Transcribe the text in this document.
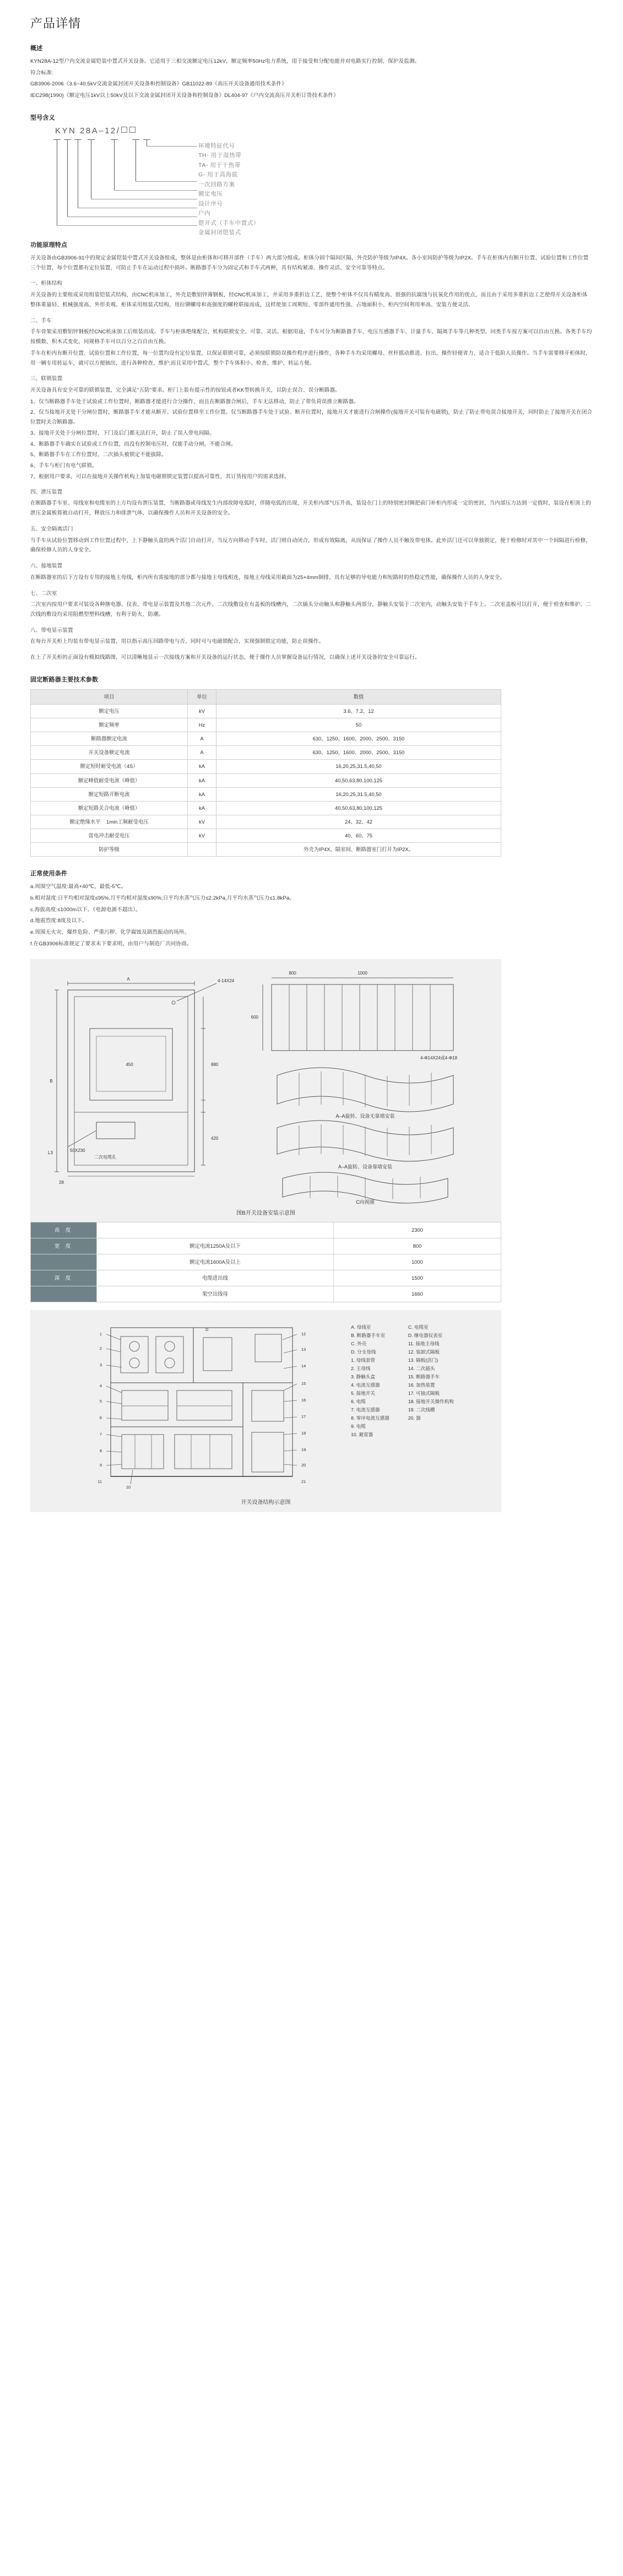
产品详情
概述

KYN28A-12型户内交流金属铠装中置式开关设备。它适用于三相交流额定电压12kV，额定频率50Hz电力系统，用于接受和分配电能并对电路实行控制、保护及监测。

符合标准:

GB3906-2006《3.6~40.5kV交流金属封闭开关设备和控制设备》GB11022-89《高压开关设备通用技术条件》

IEC298(1990)《额定电压1kV以上50kV及以下交流金属封闭开关设备和控制设备》DL404-97《户内交流高压开关柜订货技术条件》

型号含义
KYN 28A–12/
环境特征代号
TH- 用于湿热带
TA- 用于干热带
G- 用于高海拔
一次回路方案
额定电压
设计序号
户内
铠开式（手车中置式）
金属封闭铠装式
功能原理特点

开关设备由GB3906-91中的规定金属铠装中置式开关设备组成，整体是由柜体和可移开部件（手车）两大部分组成。柜体分固个隔间区隔，外壳防护等级为IP4X。各小室间防护等级为IP2X。手车在柜体内有断开位置、试验位置和工作位置三个位置，每个位置都有定位装置，可防止手车在运动过程中损坏。断路器手车分为固定式和手车式两种，具有结构紧凑、操作灵活、安全可靠等特点。

一、柜体结构

开关设备的主要组成采用组装铠装式结构，由CNC机床加工，外壳是敷铝锌薄钢板，经CNC机床加工，并采用多重折边工艺，使整个柜体不仅具有精度高、很强的抗腐蚀与抗氧化作用的优点，而且由于采用多重折边工艺使得开关设备柜体整体重量轻、机械强度高、外形美观。柜体采用组装式结构，用拉铆螺母和高强度的螺栓联接而成，这样使加工周期短、零部件通用性强、占地面积小、柜内空间利用率高、安装方便灵活。

二、手车

手车骨架采用敷铝锌钢板经CNC机床加工后组装而成。手车与柜体绝缘配合，机构联锁安全、可靠、灵活。根据用途，手车可分为断路器手车、电压互感器手车、计量手车、隔离手车等几种类型。同类手车按方案可以自由互换。各类手车均按模数、积木式变化，同规格手车可以百分之百自由互换。

手车在柜内有断开位置、试验位置和工作位置，每一位置均设有定位装置，以保证联锁可靠，必须按联锁防误操作程序进行操作，各种手车均采用螺母、丝杆摇动推进、拉出，操作轻便省力、适合于低阶人员操作。当手车需要移开柜体时，用一辆专用转运车，就可以方便抽出，进行各种检查、维护;而且采用中置式，整个手车体积小、检查、维护、转运方便。

三、联锁装置

开关设备具有安全可靠的联锁装置，完全满足"五防"要求。柜门上装有提示性的按钮或者KK型转换开关，以防止误合、误分断路器。

1、仅当断路器手车处于试验或工作位置时，断路器才能进行合分操作，而且在断路器合闸后，手车无法移动，防止了带负荷误推立断路器。

2、仅当接地开关处于分闸位置时，断路器手车才能从断开、试验位置移至工作位置。仅当断路器手车处于试验、断开位置时，接地开关才能进行合闸操作(接地开关可装有电磁锁)，防止了防止带电误合接地开关，同时防止了接地开关在闭合位置时关合断路器。

3、接地开关处于分闸位置时，下门及后门都无法打开，防止了误入带电间隔。

4、断路器手车确实在试验或工作位置，而没有控制电压时，仅能手动分闸，不能合闸。

5、断路器手车在工作位置时，二次插头被锁定不能拔除。

6、手车与柜门有电气联锁。

7、根据用户要求，可以在接地开关操作机构上加装电磁锁锁定装置以提高可靠性，其订货按用户的需求选择。

四、泄压装置

在断路器手车室、母线室和电缆室的上方均设有泄压装置，当断路器或母线发生内部故障电弧时，伴随电弧的出现，开关柜内部气压升高，装设在门上的特别密封圈把前门补柜内形成一定的密封，当内部压力达到一定值时，装设在柜顶上的泄压金属板将被自动打开，释放压力和排泄气体，以确保操作人员和开关设备的安全。

五、安全隔离活门

当手车从试验位置移动到工作位置过程中，上下静触头盒的两个活门自动打开，当反方向移动手车时，活门则自动闭合，形成有效隔离，从而保证了操作人员不触及带电体。此外活门还可以单独锁定，便于检修时对其中一个间隔进行检修，确保检修人员的人身安全。

六、接地装置

在断路器室的后下方设有专用的接地主母线，柜内所有需接地的部分都与接地主母线相连，接地主母线采用截面为25×4mm铜排，具有足够的导电能力和短路时的热稳定性能，确保操作人员的人身安全。

七、二次室

二次室内按用户要求可装设各种继电器、仪表、带电显示装置及其他二次元件，二次线敷设在有盖板的线槽内，二次插头分动触头和静触头两部分，静触头安装于二次室内，动触头安装于手车上。二次室盖板可以打开，便于检查和维护。二次线的敷设均采用阻燃型塑料线槽，有利于防火、防潮。

八、带电显示装置

在每台开关柜上均装有带电显示装置，用以指示高压回路带电与否，同时可与电磁锁配合，实现强制锁定功能，防止误操作。

在上了开关柜的正面设有模拟线路图，可以清晰地显示一次接线方案和开关设备的运行状态，便于操作人员掌握设备运行情况，以确保上述开关设备的安全可靠运行。

固定断路器主要技术参数
项目	单位	数值
额定电压	kV	3.6、7.2、12
额定频率	Hz	50
断路器额定电流	A	630、1250、1600、2000、2500、3150
开关设备额定电流	A	630、1250、1600、2000、2500、3150
额定短时耐受电流（4S）	kA	16,20,25,31.5,40,50
额定峰值耐受电流（峰值）	kA	40,50,63,80,100,125
额定短路开断电流	kA	16,20,25,31.5,40,50
额定短路关合电流（峰值）	kA	40,50,63,80,100,125
额定绝缘水平 1min工频耐受电压	kV	24、32、42
雷电冲击耐受电压	kV	40、60、75
防护等级		外壳为IP4X，隔室间、断路器室门打开为IP2X。
正常使用条件

a.周围空气温度:最高+40℃，最低-5℃。

b.相对湿度:日平均相对湿度≤95%,月平均相对湿度≤90%;日平均水蒸气压力≤2.2kPa,月平均水蒸气压力≤1.8kPa。

c.海拔高度:≤1000m以下。（电源电源不超出）。

d.地震烈度:8度及以下。

e.周围无火灾、爆炸危险、严重污秽、化学腐蚀及剧烈振动的场所。

f.在GB3906标准规定了要求未下要求明，由用户与制造厂共同协商。

4-14X24
A
B
880
450
420
L3
28
50X230
二次电缆孔
1000
800
600
4-Φ14X24或4-Φ18
A–A旋转、设备无靠墙安装
A–A旋转、设备靠墙安装
C向视图
图B开关设备安装示意图
高 度		2300
宽 度	额定电流1250A及以下	800
	额定电流1600A及以上	1000
深 度	电缆进出线	1500
	架空出线母	1660
1
2
3
4
5
6
7
8
9
10
12
13
14
15
16
17
18
19
20
D
21
11
A. 母线室
B. 断路器手车室
C. 外壳
D. 分支母线
1. 母线套管
2. 主母线
3. 静触头盒
4. 电流互感器
5. 接地开关
6. 电缆
7. 电流互感器
8. 零序电流互感器
9. 电缆
10. 避雷器
C. 电缆室
D. 继电器仪表室
11. 接地主母线
12. 装卸式隔板
13. 隔板(活门)
14. 二次插头
15. 断路器手车
16. 加热装置
17. 可抽式隔板
18. 接地开关操作机构
19. 二次线槽
20. 器
开关设备结构示意图
